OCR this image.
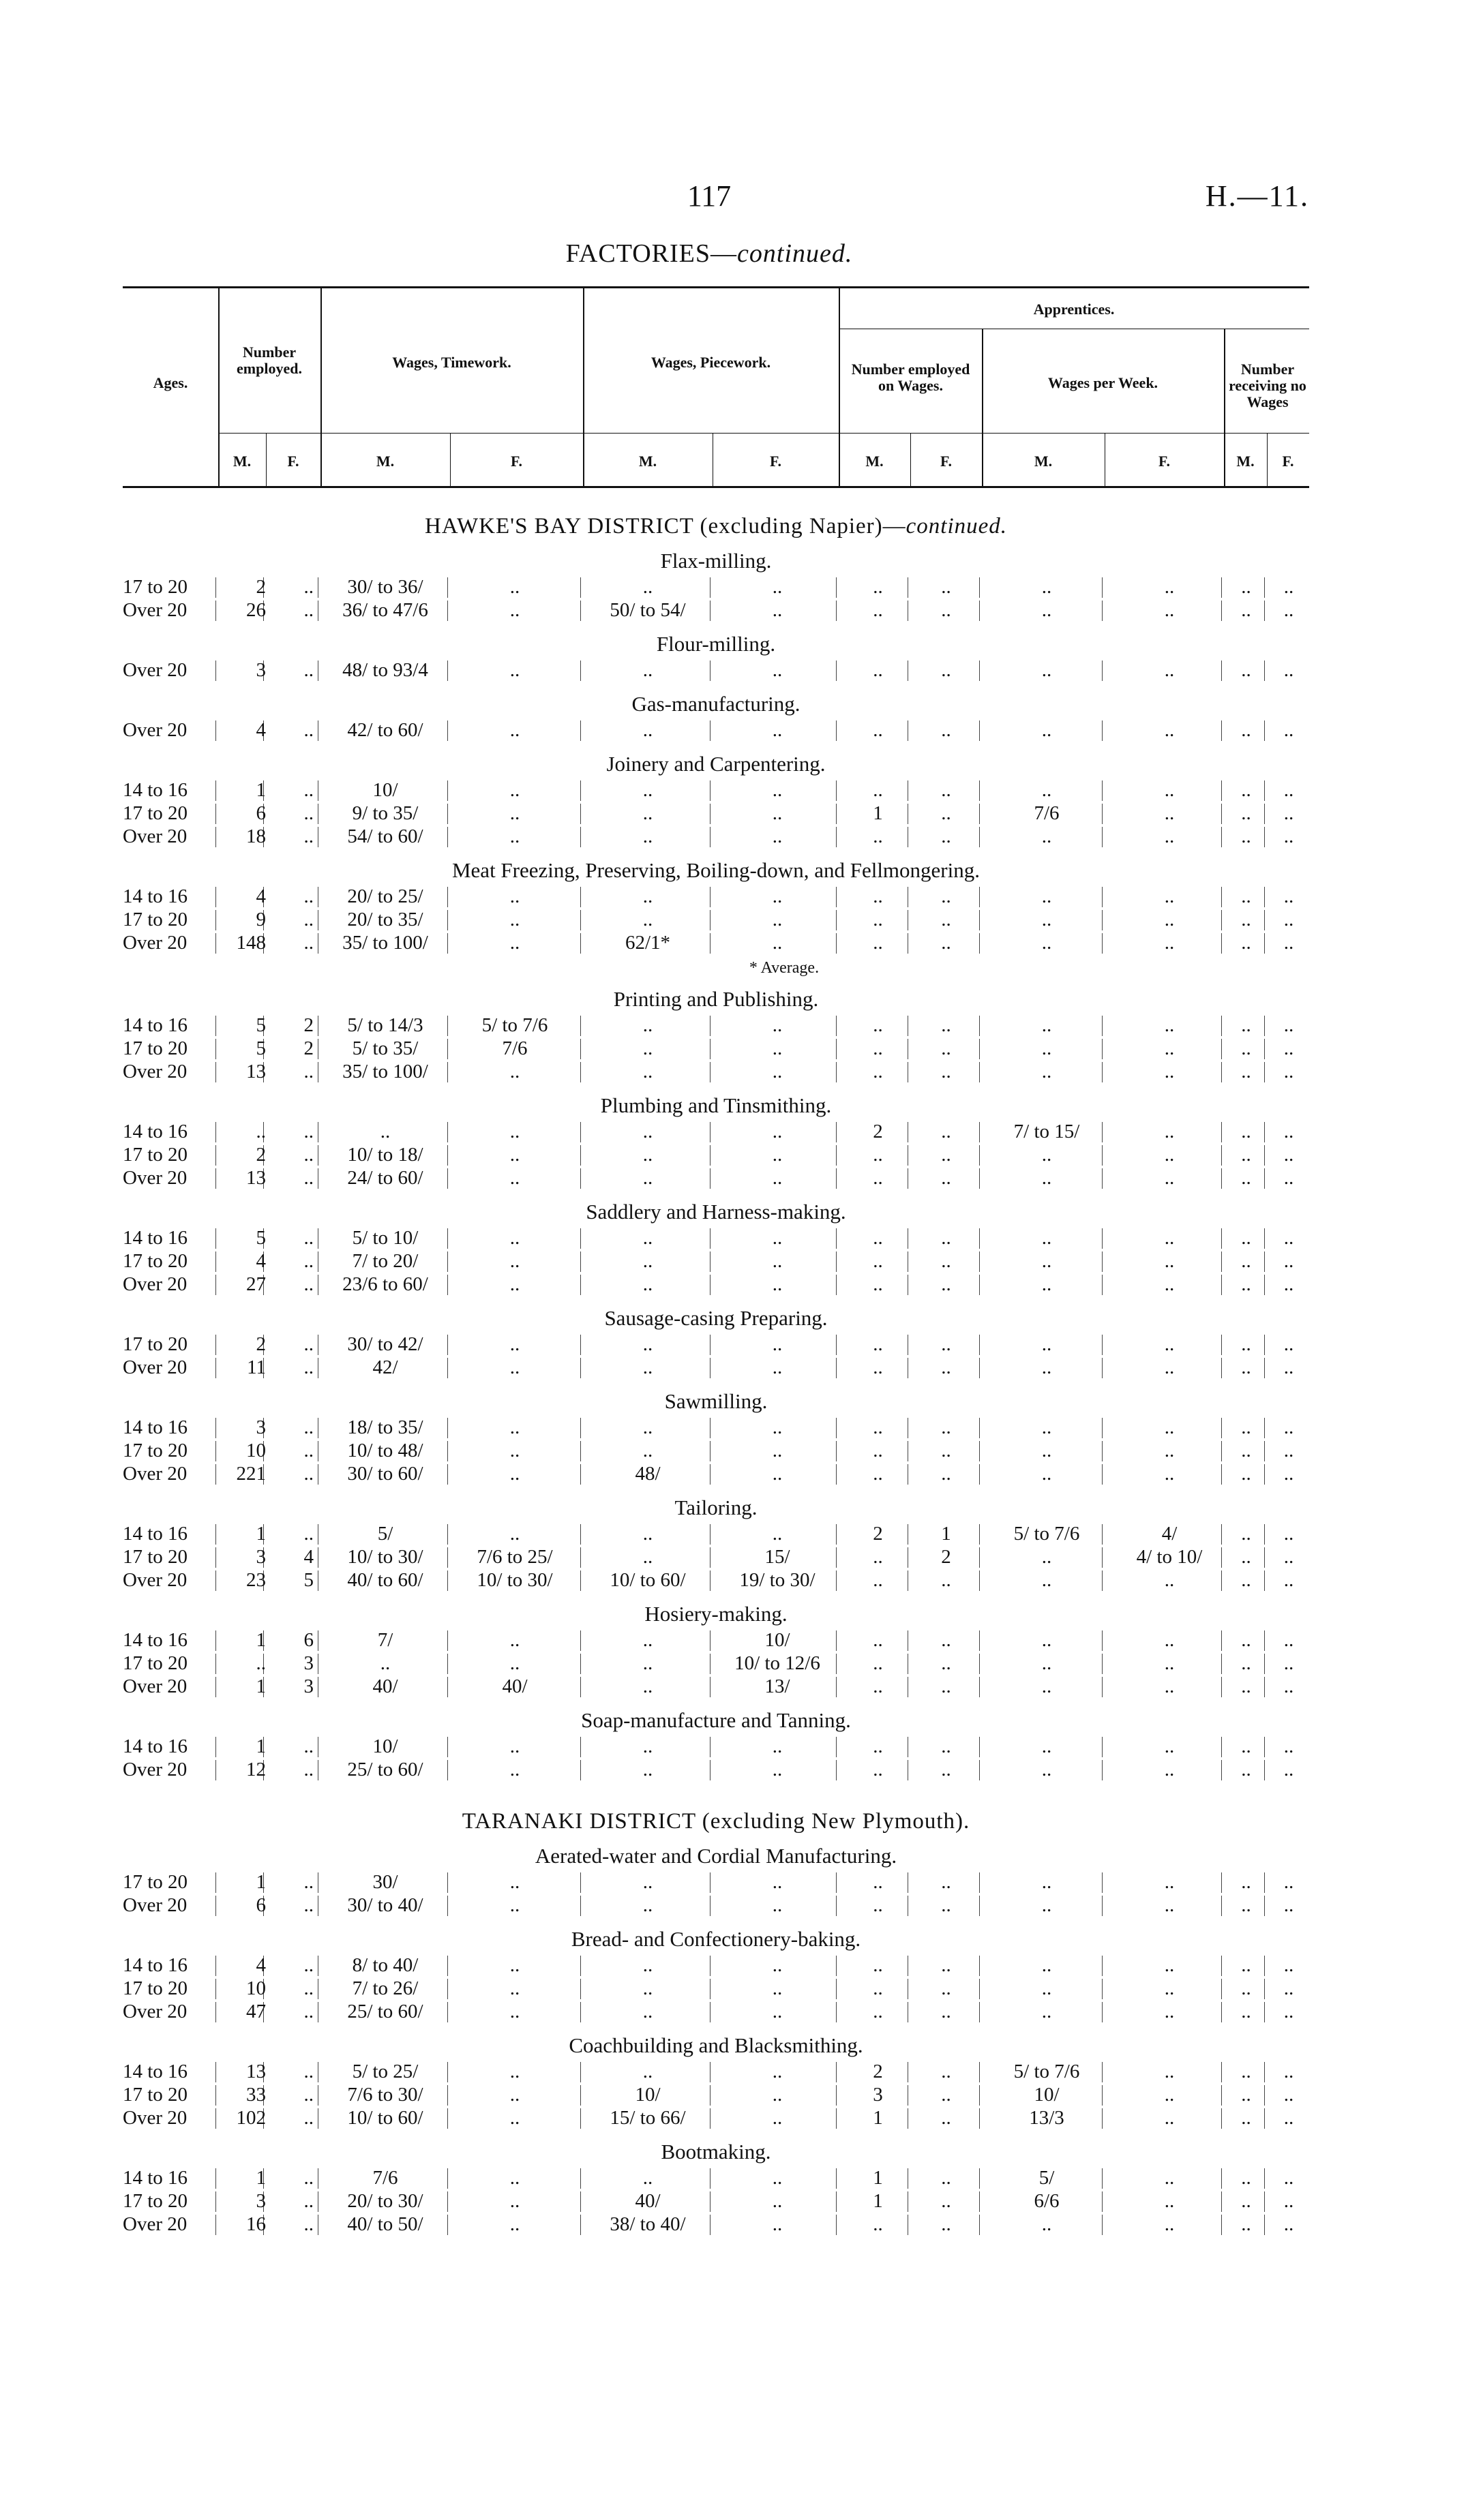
117	H.—11.
FACTORIES—continued.
Ages.
Number employed.	Wages, Timework.	Wages, Piecework.
Apprentices.
Number employed on Wages.	Wages per Week.
Number receiving no Wages
M.	F.	M.	F.	M.	F.	M.	F.	M.	F.	M.	F.
HAWKE'S BAY DISTRICT (excluding Napier)—continued.
Flax-milling.
17 to 20	2	..	30/ to 36/	..	..	..	..	..	..	..	..	..
Over 20	26	..	36/ to 47/6	..	50/ to 54/	..	..	..	..	..	..	..
Flour-milling.
Over 20	3	..	48/ to 93/4	..	..	..	..	..	..	..	..	..
Gas-manufacturing.
Over 20	4	..	42/ to 60/	..	..	..	..	..	..	..	..	..
Joinery and Carpentering.
14 to 16	1	..	10/	..	..	..	..	..	..	..	..	..
17 to 20	6	..	9/ to 35/	..	..	..	1	..	7/6	..	..	..
Over 20	18	..	54/ to 60/	..	..	..	..	..	..	..	..	..
Meat Freezing, Preserving, Boiling-down, and Fellmongering.
14 to 16	4	..	20/ to 25/	..	..	..	..	..	..	..	..	..
17 to 20	9	..	20/ to 35/	..	..	..	..	..	..	..	..	..
Over 20	148	..	35/ to 100/	..	62/1*	..	..	..	..	..	..	..
* Average.
Printing and Publishing.
14 to 16	5	2	5/ to 14/3	5/ to 7/6	..	..	..	..	..	..	..	..
17 to 20	5	2	5/ to 35/	7/6	..	..	..	..	..	..	..	..
Over 20	13	..	35/ to 100/	..	..	..	..	..	..	..	..	..
Plumbing and Tinsmithing.
14 to 16	..	..	..	..	..	..	2	..	7/ to 15/	..	..	..
17 to 20	2	..	10/ to 18/	..	..	..	..	..	..	..	..	..
Over 20	13	..	24/ to 60/	..	..	..	..	..	..	..	..	..
Saddlery and Harness-making.
14 to 16	5	..	5/ to 10/	..	..	..	..	..	..	..	..	..
17 to 20	4	..	7/ to 20/	..	..	..	..	..	..	..	..	..
Over 20	27	..	23/6 to 60/	..	..	..	..	..	..	..	..	..
Sausage-casing Preparing.
17 to 20	2	..	30/ to 42/	..	..	..	..	..	..	..	..	..
Over 20	11	..	42/	..	..	..	..	..	..	..	..	..
Sawmilling.
14 to 16	3	..	18/ to 35/	..	..	..	..	..	..	..	..	..
17 to 20	10	..	10/ to 48/	..	..	..	..	..	..	..	..	..
Over 20	221	..	30/ to 60/	..	48/	..	..	..	..	..	..	..
Tailoring.
14 to 16	1	..	5/	..	..	..	2	1	5/ to 7/6	4/	..	..
17 to 20	3	4	10/ to 30/	7/6 to 25/	..	15/	..	2	..	4/ to 10/	..	..
Over 20	23	5	40/ to 60/	10/ to 30/	10/ to 60/	19/ to 30/	..	..	..	..	..	..
Hosiery-making.
14 to 16	1	6	7/	..	..	10/	..	..	..	..	..	..
17 to 20	..	3	..	..	..	10/ to 12/6	..	..	..	..	..	..
Over 20	1	3	40/	40/	..	13/	..	..	..	..	..	..
Soap-manufacture and Tanning.
14 to 16	1	..	10/	..	..	..	..	..	..	..	..	..
Over 20	12	..	25/ to 60/	..	..	..	..	..	..	..	..	..
TARANAKI DISTRICT (excluding New Plymouth).
Aerated-water and Cordial Manufacturing.
17 to 20	1	..	30/	..	..	..	..	..	..	..	..	..
Over 20	6	..	30/ to 40/	..	..	..	..	..	..	..	..	..
Bread- and Confectionery-baking.
14 to 16	4	..	8/ to 40/	..	..	..	..	..	..	..	..	..
17 to 20	10	..	7/ to 26/	..	..	..	..	..	..	..	..	..
Over 20	47	..	25/ to 60/	..	..	..	..	..	..	..	..	..
Coachbuilding and Blacksmithing.
14 to 16	13	..	5/ to 25/	..	..	..	2	..	5/ to 7/6	..	..	..
17 to 20	33	..	7/6 to 30/	..	10/	..	3	..	10/	..	..	..
Over 20	102	..	10/ to 60/	..	15/ to 66/	..	1	..	13/3	..	..	..
Bootmaking.
14 to 16	1	..	7/6	..	..	..	1	..	5/	..	..	..
17 to 20	3	..	20/ to 30/	..	40/	..	1	..	6/6	..	..	..
Over 20	16	..	40/ to 50/	..	38/ to 40/	..	..	..	..	..	..	..
